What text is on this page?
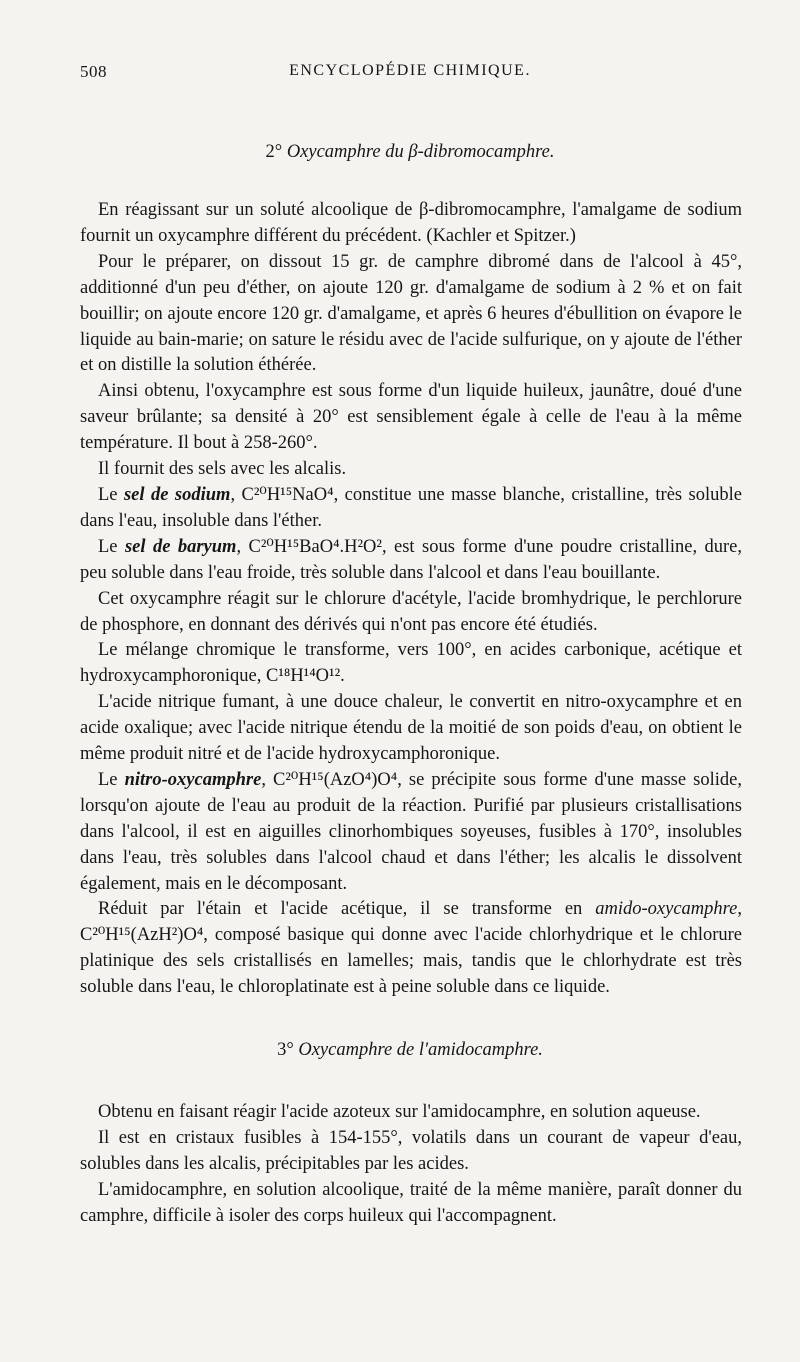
508	ENCYCLOPÉDIE CHIMIQUE.
2° Oxycamphre du β-dibromocamphre.

En réagissant sur un soluté alcoolique de β-dibromocamphre, l'amalgame de sodium fournit un oxycamphre différent du précédent. (Kachler et Spitzer.)

Pour le préparer, on dissout 15 gr. de camphre dibromé dans de l'alcool à 45°, additionné d'un peu d'éther, on ajoute 120 gr. d'amalgame de sodium à 2 % et on fait bouillir; on ajoute encore 120 gr. d'amalgame, et après 6 heures d'ébullition on évapore le liquide au bain-marie; on sature le résidu avec de l'acide sulfurique, on y ajoute de l'éther et on distille la solution éthérée.

Ainsi obtenu, l'oxycamphre est sous forme d'un liquide huileux, jaunâtre, doué d'une saveur brûlante; sa densité à 20° est sensiblement égale à celle de l'eau à la même température. Il bout à 258-260°.

Il fournit des sels avec les alcalis.

Le sel de sodium, C²⁰H¹⁵NaO⁴, constitue une masse blanche, cristalline, très soluble dans l'eau, insoluble dans l'éther.

Le sel de baryum, C²⁰H¹⁵BaO⁴.H²O², est sous forme d'une poudre cristalline, dure, peu soluble dans l'eau froide, très soluble dans l'alcool et dans l'eau bouillante.

Cet oxycamphre réagit sur le chlorure d'acétyle, l'acide bromhydrique, le perchlorure de phosphore, en donnant des dérivés qui n'ont pas encore été étudiés.

Le mélange chromique le transforme, vers 100°, en acides carbonique, acétique et hydroxycamphoronique, C¹⁸H¹⁴O¹².

L'acide nitrique fumant, à une douce chaleur, le convertit en nitro-oxycamphre et en acide oxalique; avec l'acide nitrique étendu de la moitié de son poids d'eau, on obtient le même produit nitré et de l'acide hydroxycamphoronique.

Le nitro-oxycamphre, C²⁰H¹⁵(AzO⁴)O⁴, se précipite sous forme d'une masse solide, lorsqu'on ajoute de l'eau au produit de la réaction. Purifié par plusieurs cristallisations dans l'alcool, il est en aiguilles clinorhombiques soyeuses, fusibles à 170°, insolubles dans l'eau, très solubles dans l'alcool chaud et dans l'éther; les alcalis le dissolvent également, mais en le décomposant.

Réduit par l'étain et l'acide acétique, il se transforme en amido-oxycamphre, C²⁰H¹⁵(AzH²)O⁴, composé basique qui donne avec l'acide chlorhydrique et le chlorure platinique des sels cristallisés en lamelles; mais, tandis que le chlorhydrate est très soluble dans l'eau, le chloroplatinate est à peine soluble dans ce liquide.

3° Oxycamphre de l'amidocamphre.

Obtenu en faisant réagir l'acide azoteux sur l'amidocamphre, en solution aqueuse.

Il est en cristaux fusibles à 154-155°, volatils dans un courant de vapeur d'eau, solubles dans les alcalis, précipitables par les acides.

L'amidocamphre, en solution alcoolique, traité de la même manière, paraît donner du camphre, difficile à isoler des corps huileux qui l'accompagnent.
